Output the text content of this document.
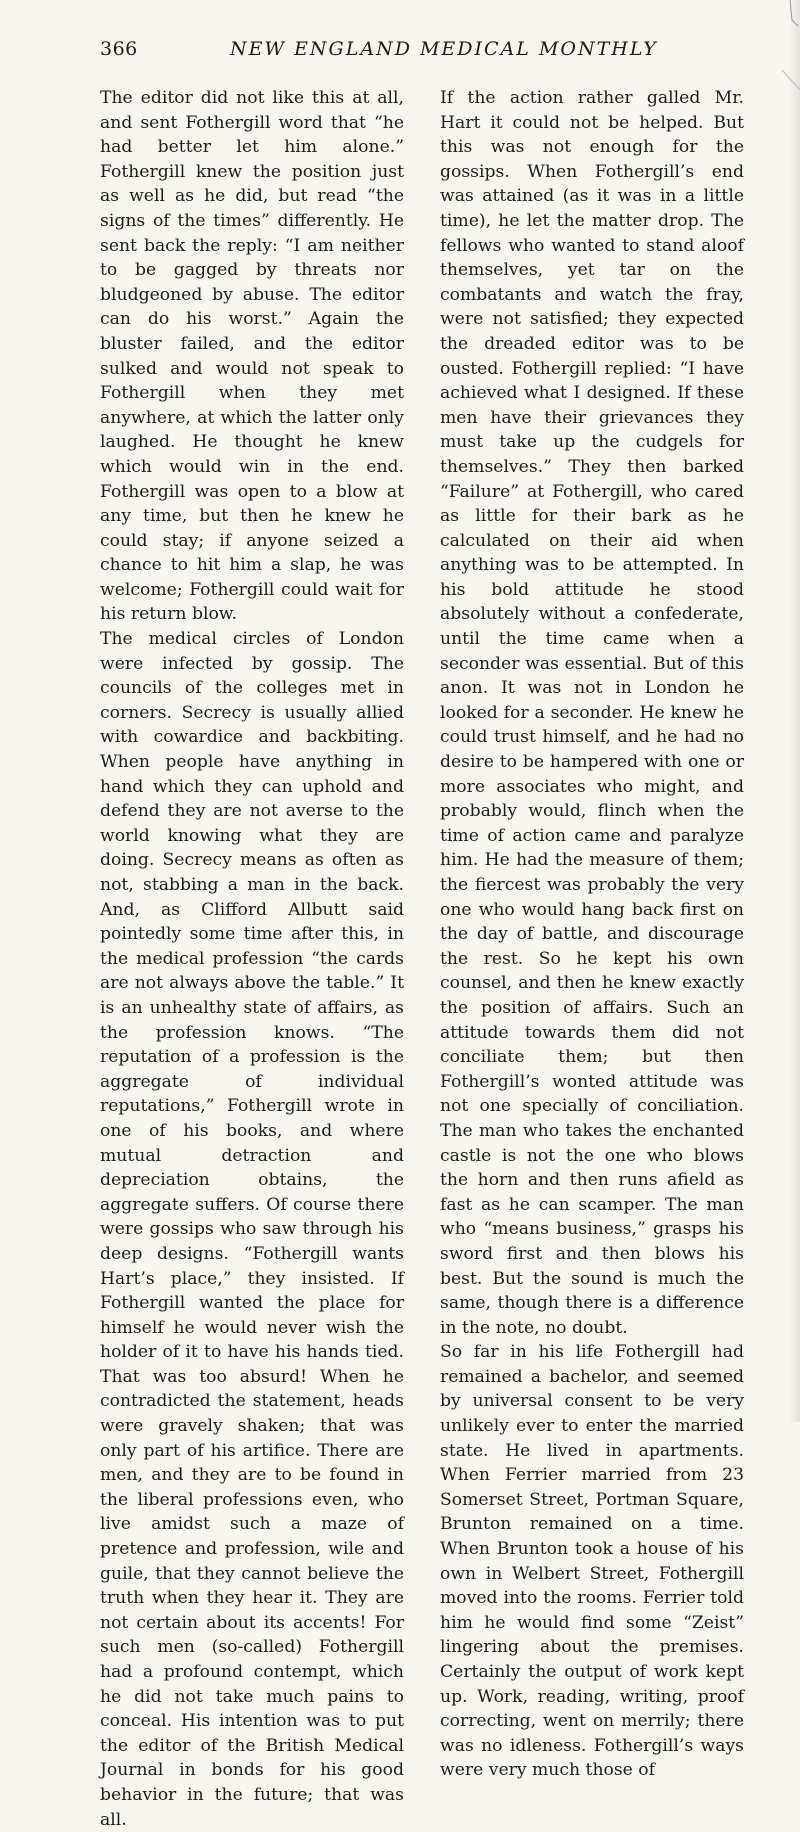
366	NEW ENGLAND MEDICAL MONTHLY

The editor did not like this at all, and sent Fothergill word that “he had better let him alone.” Fothergill knew the position just as well as he did, but read “the signs of the times” differently. He sent back the reply: “I am neither to be gagged by threats nor bludgeoned by abuse. The editor can do his worst.” Again the bluster failed, and the editor sulked and would not speak to Fothergill when they met anywhere, at which the latter only laughed. He thought he knew which would win in the end. Fothergill was open to a blow at any time, but then he knew he could stay; if anyone seized a chance to hit him a slap, he was welcome; Fothergill could wait for his return blow.

The medical circles of London were infected by gossip. The councils of the colleges met in corners. Secrecy is usually allied with cowardice and backbiting. When people have anything in hand which they can uphold and defend they are not averse to the world knowing what they are doing. Secrecy means as often as not, stabbing a man in the back. And, as Clifford Allbutt said pointedly some time after this, in the medical profession “the cards are not always above the table.” It is an unhealthy state of affairs, as the profession knows. “The reputation of a profession is the aggregate of individual reputations,” Fothergill wrote in one of his books, and where mutual detraction and depreciation obtains, the aggregate suffers. Of course there were gossips who saw through his deep designs. “Fothergill wants Hart’s place,” they insisted. If Fothergill wanted the place for himself he would never wish the holder of it to have his hands tied. That was too absurd! When he contradicted the statement, heads were gravely shaken; that was only part of his artifice. There are men, and they are to be found in the liberal professions even, who live amidst such a maze of pretence and profession, wile and guile, that they cannot believe the truth when they hear it. They are not certain about its accents! For such men (so-called) Fothergill had a profound contempt, which he did not take much pains to conceal. His intention was to put the editor of the British Medical Journal in bonds for his good behavior in the future; that was all.

If the action rather galled Mr. Hart it could not be helped. But this was not enough for the gossips. When Fothergill’s end was attained (as it was in a little time), he let the matter drop. The fellows who wanted to stand aloof themselves, yet tar on the combatants and watch the fray, were not satisfied; they expected the dreaded editor was to be ousted. Fothergill replied: “I have achieved what I designed. If these men have their grievances they must take up the cudgels for themselves.” They then barked “Failure” at Fothergill, who cared as little for their bark as he calculated on their aid when anything was to be attempted. In his bold attitude he stood absolutely without a confederate, until the time came when a seconder was essential. But of this anon. It was not in London he looked for a seconder. He knew he could trust himself, and he had no desire to be hampered with one or more associates who might, and probably would, flinch when the time of action came and paralyze him. He had the measure of them; the fiercest was probably the very one who would hang back first on the day of battle, and discourage the rest. So he kept his own counsel, and then he knew exactly the position of affairs. Such an attitude towards them did not conciliate them; but then Fothergill’s wonted attitude was not one specially of conciliation. The man who takes the enchanted castle is not the one who blows the horn and then runs afield as fast as he can scamper. The man who “means business,” grasps his sword first and then blows his best. But the sound is much the same, though there is a difference in the note, no doubt.

So far in his life Fothergill had remained a bachelor, and seemed by universal consent to be very unlikely ever to enter the married state. He lived in apartments. When Ferrier married from 23 Somerset Street, Portman Square, Brunton remained on a time. When Brunton took a house of his own in Welbert Street, Fothergill moved into the rooms. Ferrier told him he would find some “Zeist” lingering about the premises. Certainly the output of work kept up. Work, reading, writing, proof correcting, went on merrily; there was no idleness. Fothergill’s ways were very much those of
